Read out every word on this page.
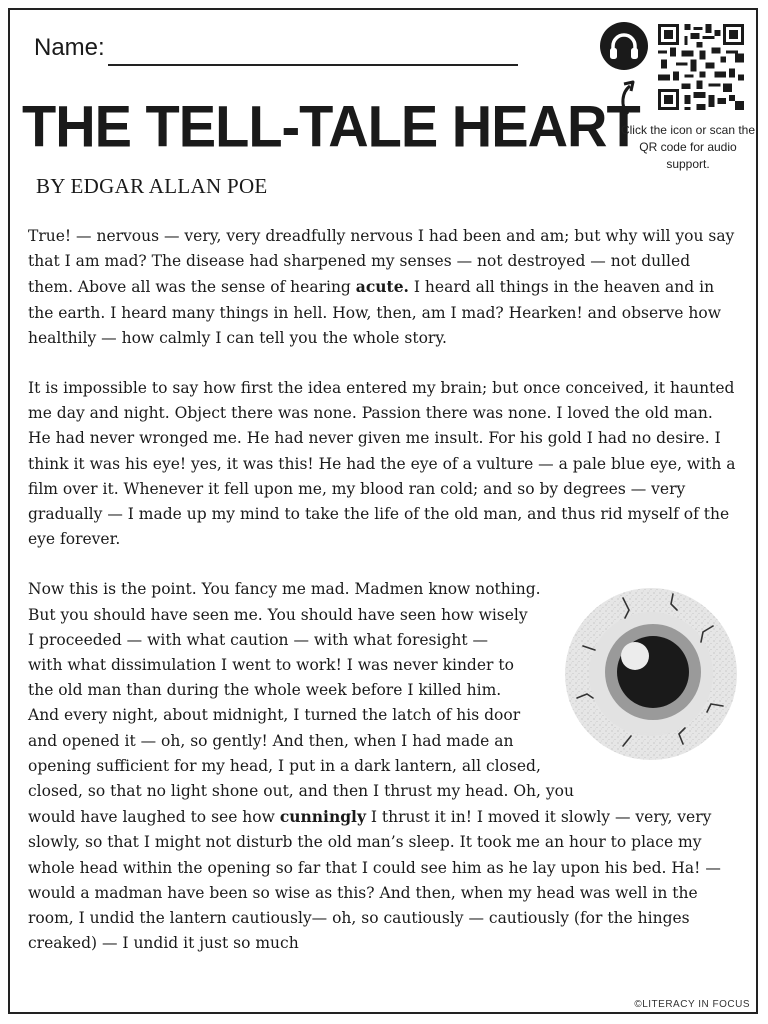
Name:
THE TELL-TALE HEART
BY EDGAR ALLAN POE
Click the icon or scan the QR code for audio support.

True! — nervous — very, very dreadfully nervous I had been and am; but why will you say that I am mad? The disease had sharpened my senses — not destroyed — not dulled them. Above all was the sense of hearing acute. I heard all things in the heaven and in the earth. I heard many things in hell. How, then, am I mad? Hearken! and observe how healthily — how calmly I can tell you the whole story.

It is impossible to say how first the idea entered my brain; but once conceived, it haunted me day and night. Object there was none. Passion there was none. I loved the old man. He had never wronged me. He had never given me insult. For his gold I had no desire. I think it was his eye! yes, it was this! He had the eye of a vulture — a pale blue eye, with a film over it. Whenever it fell upon me, my blood ran cold; and so by degrees — very gradually — I made up my mind to take the life of the old man, and thus rid myself of the eye forever.

Now this is the point. You fancy me mad. Madmen know nothing. But you should have seen me. You should have seen how wisely I proceeded — with what caution — with what foresight — with what dissimulation I went to work! I was never kinder to the old man than during the whole week before I killed him. And every night, about midnight, I turned the latch of his door and opened it — oh, so gently! And then, when I had made an opening sufficient for my head, I put in a dark lantern, all closed, closed, so that no light shone out, and then I thrust my head. Oh, you would have laughed to see how cunningly I thrust it in! I moved it slowly — very, very slowly, so that I might not disturb the old man’s sleep. It took me an hour to place my whole head within the opening so far that I could see him as he lay upon his bed. Ha! — would a madman have been so wise as this? And then, when my head was well in the room, I undid the lantern cautiously— oh, so cautiously — cautiously (for the hinges creaked) — I undid it just so much

©LITERACY IN FOCUS
